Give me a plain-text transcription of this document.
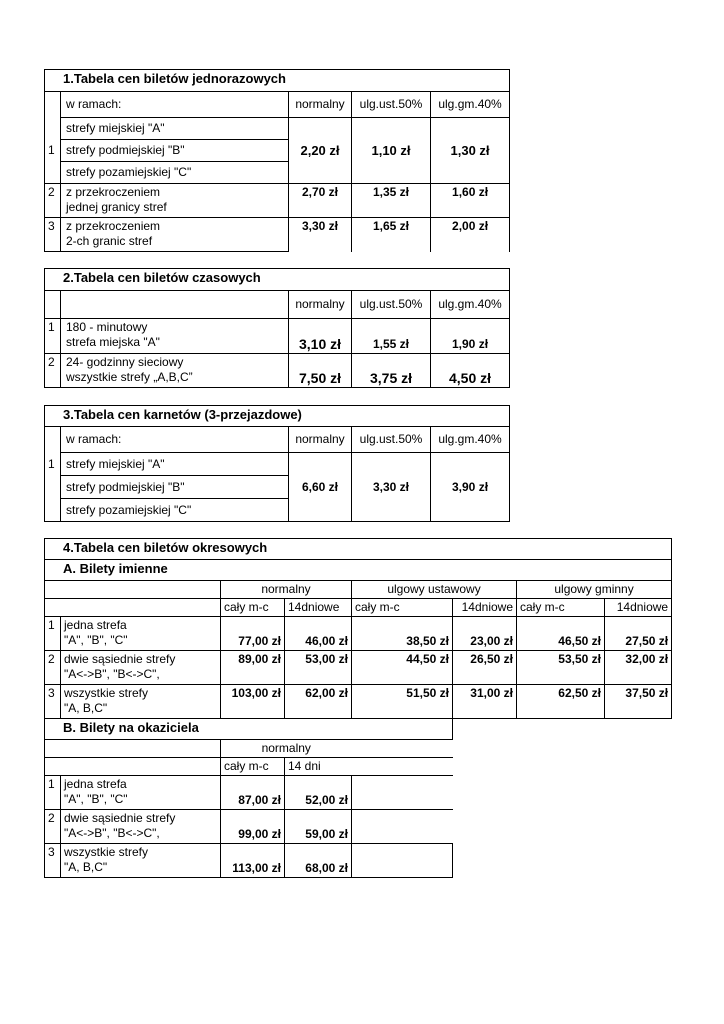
1.Tabela cen biletów jednorazowych				
	w ramach:	normalny	ulg.ust.50%	ulg.gm.40%
1	strefy miejskiej "A"	2,20 zł	1,10 zł	1,30 zł
	strefy podmiejskiej "B"			
	strefy pozamiejskiej "C"			
2	z przekroczeniem
jednej granicy stref	2,70 zł	1,35 zł	1,60 zł
3	z przekroczeniem
2-ch granic stref	3,30 zł	1,65 zł	2,00 zł
2.Tabela cen biletów czasowych				
		normalny	ulg.ust.50%	ulg.gm.40%
1	180 - minutowy
strefa miejska "A"	3,10 zł	1,55 zł	1,90 zł
2	24- godzinny sieciowy
wszystkie strefy „A,B,C”	7,50 zł	3,75 zł	4,50 zł
3.Tabela cen karnetów (3-przejazdowe)				
	w ramach:	normalny	ulg.ust.50%	ulg.gm.40%
1	strefy miejskiej "A"	6,60 zł	3,30 zł	3,90 zł
	strefy podmiejskiej "B"			
	strefy pozamiejskiej "C"			
4.Tabela cen biletów okresowych							
A. Bilety imienne							
		normalny		ulgowy ustawowy		ulgowy gminny	
		cały m-c	14dniowe	cały m-c	14dniowe	cały m-c	14dniowe
1	jedna strefa
"A", "B", "C"	77,00 zł	46,00 zł	38,50 zł	23,00 zł	46,50 zł	27,50 zł
2	dwie sąsiednie strefy
"A<->B", "B<->C",	89,00 zł	53,00 zł	44,50 zł	26,50 zł	53,50 zł	32,00 zł
3	wszystkie strefy
"A, B,C"	103,00 zł	62,00 zł	51,50 zł	31,00 zł	62,50 zł	37,50 zł
B. Bilety na okaziciela				
		normalny		
		cały m-c	14 dni	
1	jedna strefa
"A", "B", "C"	87,00 zł	52,00 zł	
2	dwie sąsiednie strefy
"A<->B", "B<->C",	99,00 zł	59,00 zł	
3	wszystkie strefy
"A, B,C"	113,00 zł	68,00 zł	
